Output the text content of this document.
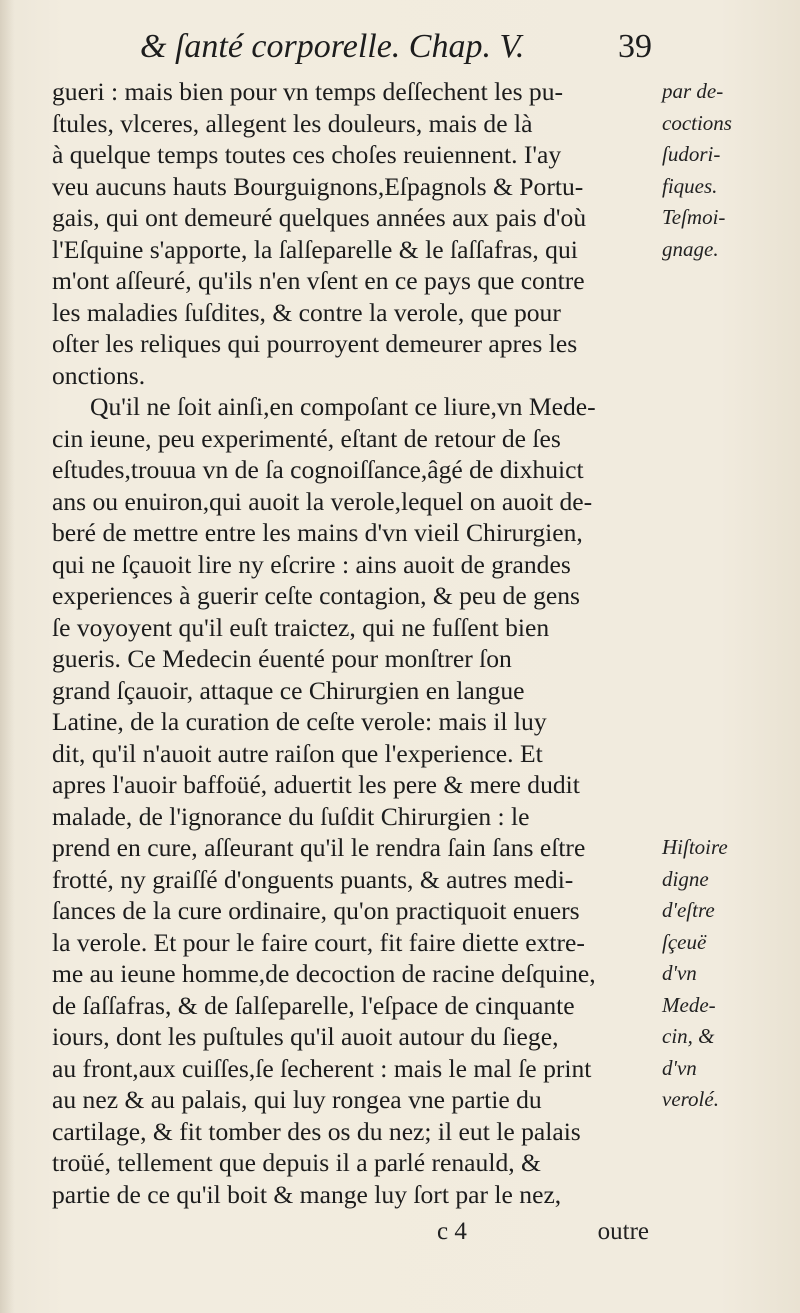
& ſanté corporelle. Chap. V.	39
gueri : mais bien pour vn temps deſſechent les pu-
ſtules, vlceres, allegent les douleurs, mais de là
à quelque temps toutes ces choſes reuiennent. I'ay
veu aucuns hauts Bourguignons,Eſpagnols & Portu-
gais, qui ont demeuré quelques années aux pais d'où
l'Eſquine s'apporte, la ſalſeparelle & le ſaſſafras, qui
m'ont aſſeuré, qu'ils n'en vſent en ce pays que contre
les maladies ſuſdites, & contre la verole, que pour
oſter les reliques qui pourroyent demeurer apres les
onctions.
Qu'il ne ſoit ainſi,en compoſant ce liure,vn Mede-
cin ieune, peu experimenté, eſtant de retour de ſes
eſtudes,trouua vn de ſa cognoiſſance,âgé de dixhuict
ans ou enuiron,qui auoit la verole,lequel on auoit de-
beré de mettre entre les mains d'vn vieil Chirurgien,
qui ne ſçauoit lire ny eſcrire : ains auoit de grandes
experiences à guerir ceſte contagion, & peu de gens
ſe voyoyent qu'il euſt traictez, qui ne fuſſent bien
gueris. Ce Medecin éuenté pour monſtrer ſon
grand ſçauoir, attaque ce Chirurgien en langue
Latine, de la curation de ceſte verole: mais il luy
dit, qu'il n'auoit autre raiſon que l'experience. Et
apres l'auoir baffoüé, aduertit les pere & mere dudit
malade, de l'ignorance du ſuſdit Chirurgien : le
prend en cure, aſſeurant qu'il le rendra ſain ſans eſtre
frotté, ny graiſſé d'onguents puants, & autres medi-
ſances de la cure ordinaire, qu'on practiquoit enuers
la verole. Et pour le faire court, fit faire diette extre-
me au ieune homme,de decoction de racine deſquine,
de ſaſſafras, & de ſalſeparelle, l'eſpace de cinquante
iours, dont les puſtules qu'il auoit autour du ſiege,
au front,aux cuiſſes,ſe ſecherent : mais le mal ſe print
au nez & au palais, qui luy rongea vne partie du
cartilage, & fit tomber des os du nez; il eut le palais
troüé, tellement que depuis il a parlé renauld, &
partie de ce qu'il boit & mange luy ſort par le nez,
par de-
coctions
ſudori-
fiques.
Teſmoi-
gnage.
Hiſtoire
digne
d'eſtre
ſçeuë
d'vn
Mede-
cin, &
d'vn
verolé.
c 4	outre
